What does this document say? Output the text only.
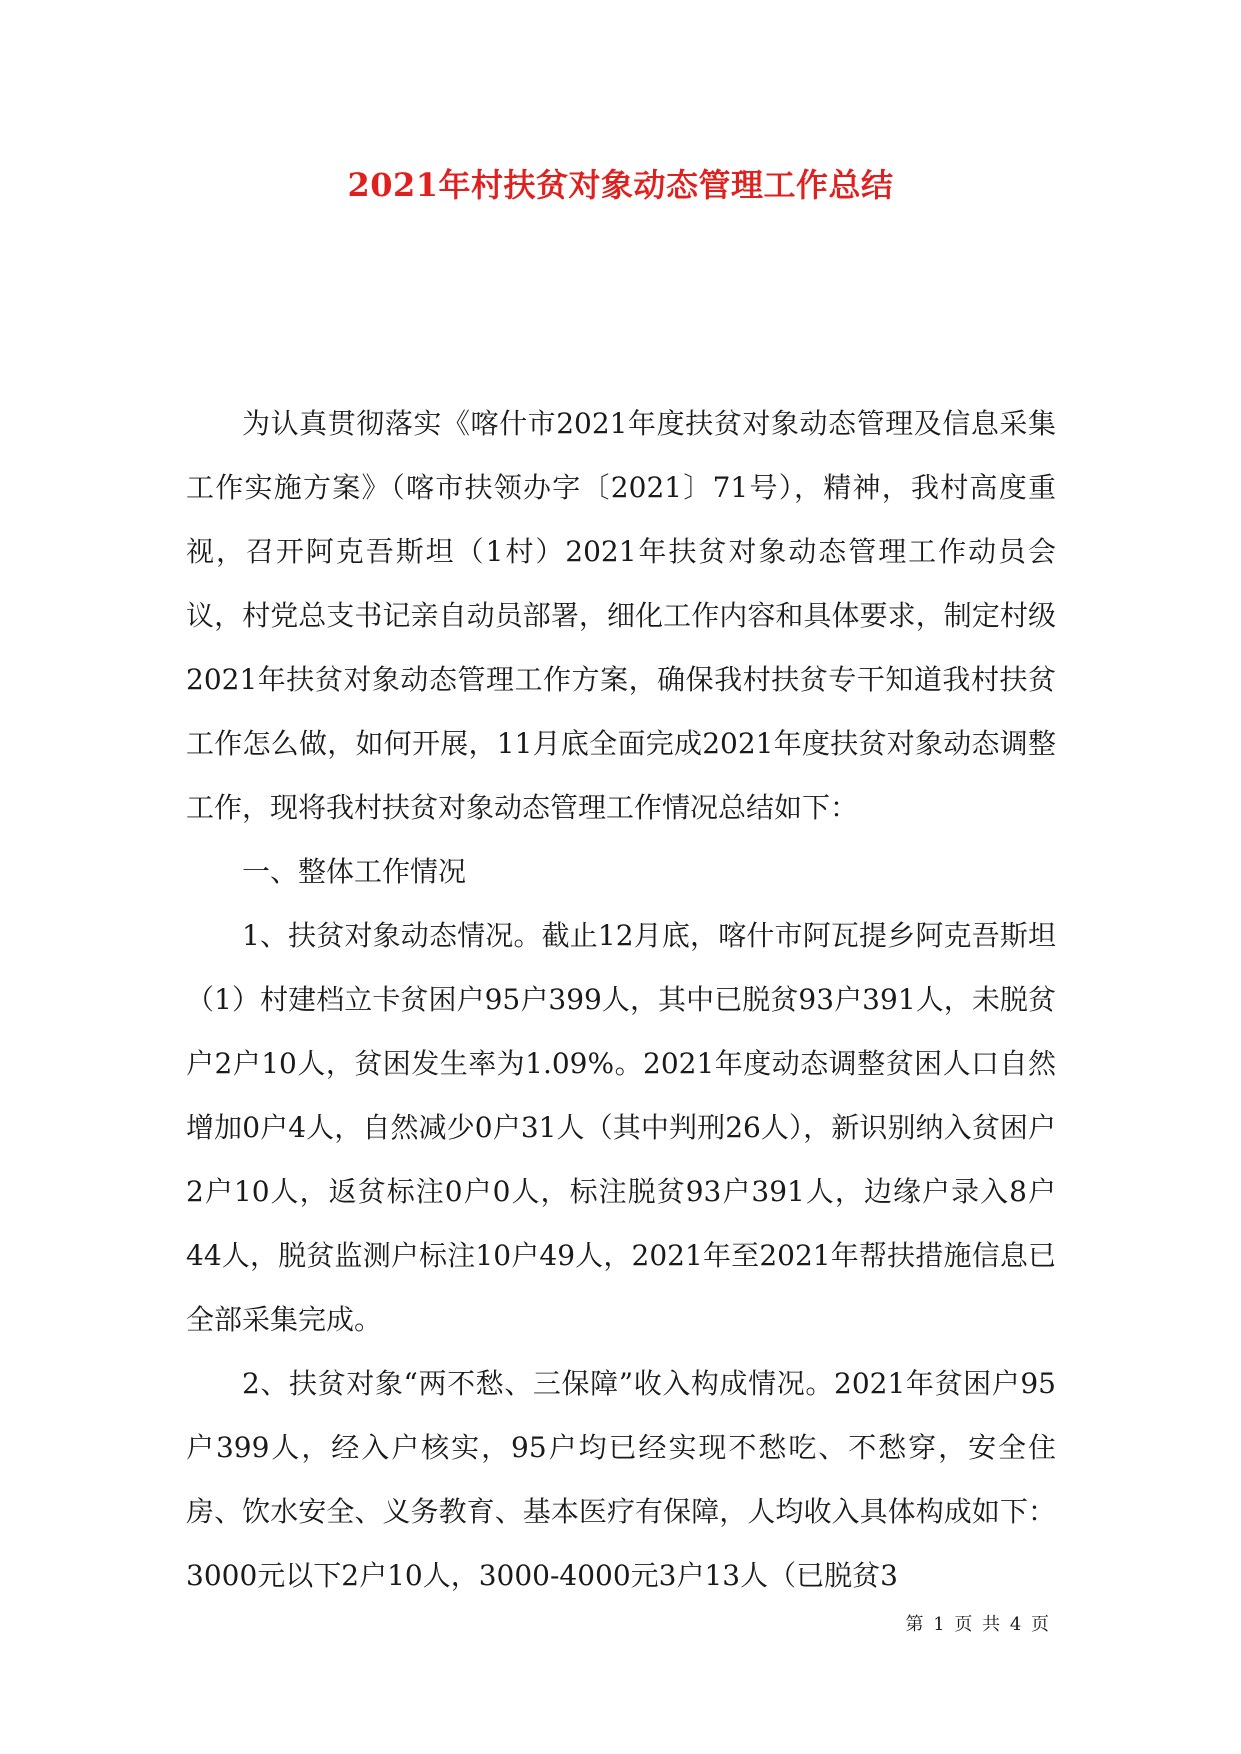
2021年村扶贫对象动态管理工作总结

为认真贯彻落实《喀什市2021年度扶贫对象动态管理及信息采集工作实施方案》（喀市扶领办字〔2021〕71号），精神，我村高度重视，召开阿克吾斯坦（1村）2021年扶贫对象动态管理工作动员会议，村党总支书记亲自动员部署，细化工作内容和具体要求，制定村级2021年扶贫对象动态管理工作方案，确保我村扶贫专干知道我村扶贫工作怎么做，如何开展，11月底全面完成2021年度扶贫对象动态调整工作，现将我村扶贫对象动态管理工作情况总结如下：

一、整体工作情况

1、扶贫对象动态情况。截止12月底，喀什市阿瓦提乡阿克吾斯坦（1）村建档立卡贫困户95户399人，其中已脱贫93户391人，未脱贫户2户10人，贫困发生率为1.09%。2021年度动态调整贫困人口自然增加0户4人，自然减少0户31人（其中判刑26人），新识别纳入贫困户2户10人，返贫标注0户0人，标注脱贫93户391人，边缘户录入8户44人，脱贫监测户标注10户49人，2021年至2021年帮扶措施信息已全部采集完成。

2、扶贫对象“两不愁、三保障”收入构成情况。2021年贫困户95户399人，经入户核实，95户均已经实现不愁吃、不愁穿，安全住房、饮水安全、义务教育、基本医疗有保障，人均收入具体构成如下：3000元以下2户10人，3000-4000元3户13人（已脱贫3

第 1 页 共 4 页
